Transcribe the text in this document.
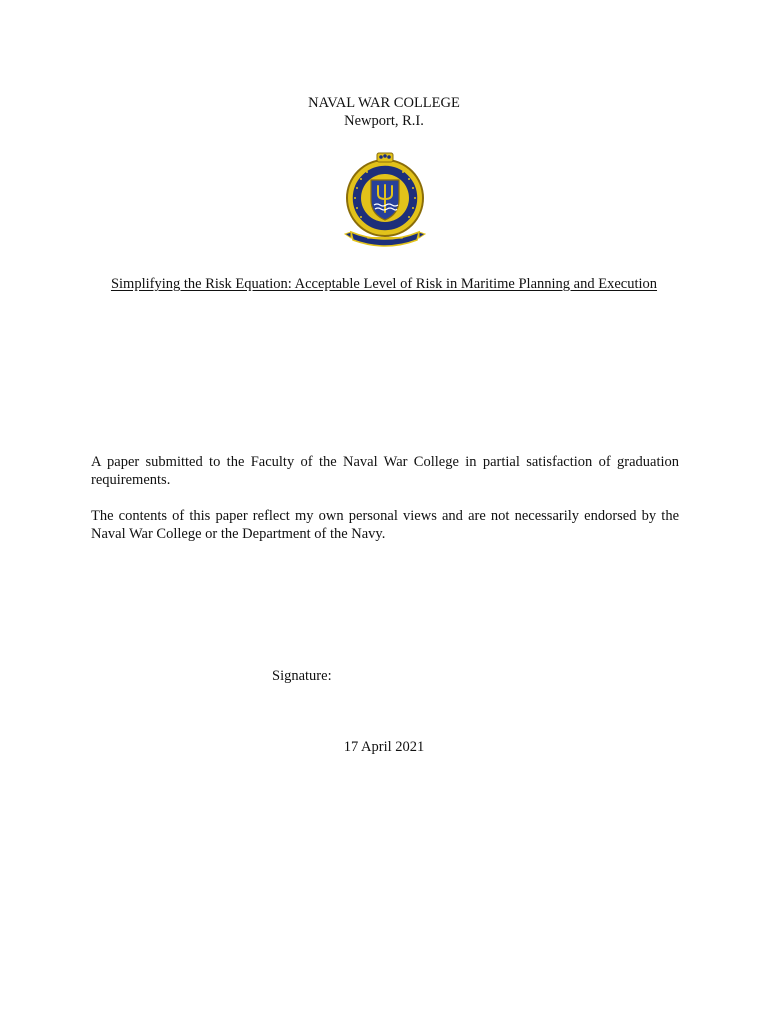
NAVAL WAR COLLEGE
Newport, R.I.
Simplifying the Risk Equation: Acceptable Level of Risk in Maritime Planning and Execution
A paper submitted to the Faculty of the Naval War College in partial satisfaction of graduation requirements.
The contents of this paper reflect my own personal views and are not necessarily endorsed by the Naval War College or the Department of the Navy.
Signature:
17 April 2021
